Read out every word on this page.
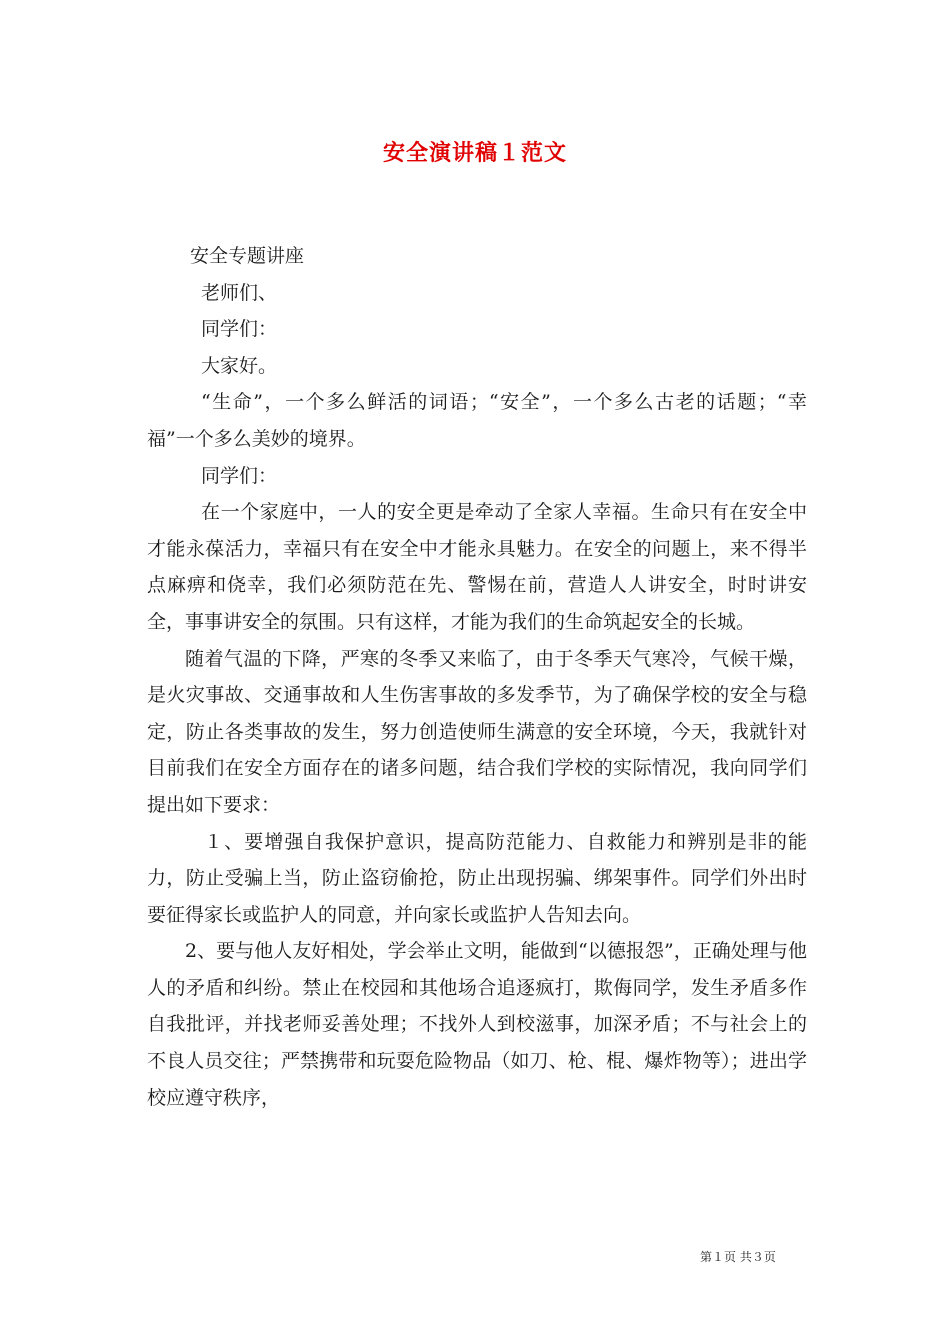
安全演讲稿１范文

安全专题讲座

老师们、

同学们：

大家好。

“生命”，一个多么鲜活的词语；“安全”，一个多么古老的话题；“幸福”一个多么美妙的境界。

同学们：

在一个家庭中，一人的安全更是牵动了全家人幸福。生命只有在安全中才能永葆活力，幸福只有在安全中才能永具魅力。在安全的问题上，来不得半点麻痹和侥幸，我们必须防范在先、警惕在前，营造人人讲安全，时时讲安全，事事讲安全的氛围。只有这样，才能为我们的生命筑起安全的长城。

随着气温的下降，严寒的冬季又来临了，由于冬季天气寒冷，气候干燥，是火灾事故、交通事故和人生伤害事故的多发季节，为了确保学校的安全与稳定，防止各类事故的发生，努力创造使师生满意的安全环境，今天，我就针对目前我们在安全方面存在的诸多问题，结合我们学校的实际情况，我向同学们提出如下要求：

１、要增强自我保护意识，提高防范能力、自救能力和辨别是非的能力，防止受骗上当，防止盗窃偷抢，防止出现拐骗、绑架事件。同学们外出时要征得家长或监护人的同意，并向家长或监护人告知去向。

2、要与他人友好相处，学会举止文明，能做到“以德报怨”，正确处理与他人的矛盾和纠纷。禁止在校园和其他场合追逐疯打，欺侮同学，发生矛盾多作自我批评，并找老师妥善处理；不找外人到校滋事，加深矛盾；不与社会上的不良人员交往；严禁携带和玩耍危险物品（如刀、枪、棍、爆炸物等）；进出学校应遵守秩序，

第１页 共３页
